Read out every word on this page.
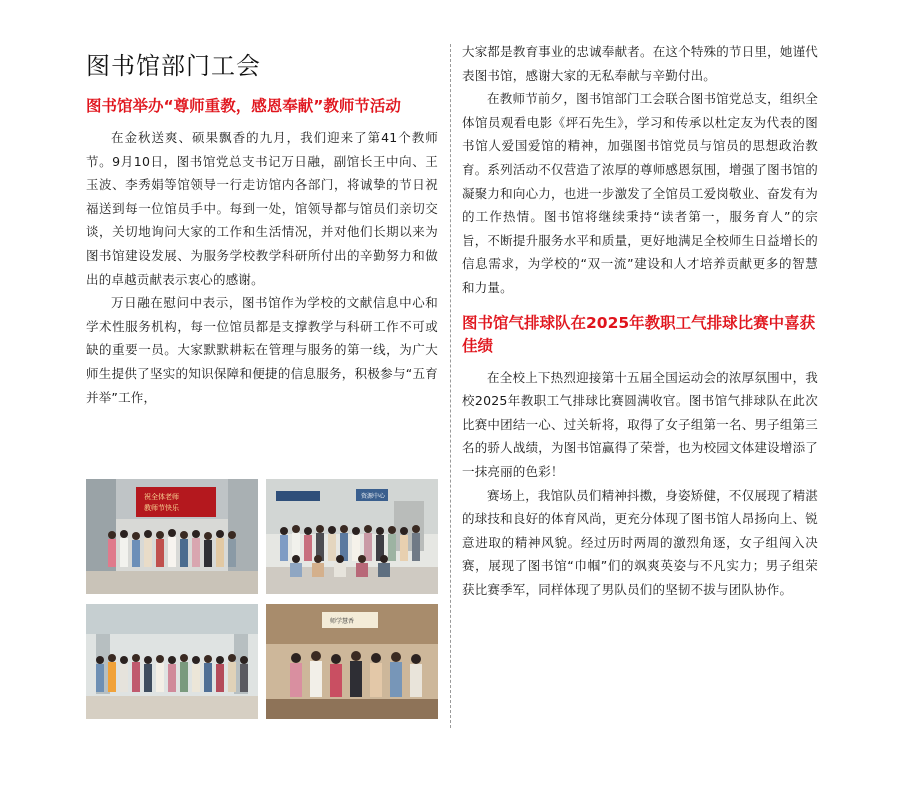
图书馆部门工会
图书馆举办“尊师重教，感恩奉献”教师节活动

在金秋送爽、硕果飘香的九月，我们迎来了第41个教师节。9月10日，图书馆党总支书记万日融，副馆长王中向、王玉波、李秀娟等馆领导一行走访馆内各部门，将诚挚的节日祝福送到每一位馆员手中。每到一处，馆领导都与馆员们亲切交谈，关切地询问大家的工作和生活情况，并对他们长期以来为图书馆建设发展、为服务学校教学科研所付出的辛勤努力和做出的卓越贡献表示衷心的感谢。

万日融在慰问中表示，图书馆作为学校的文献信息中心和学术性服务机构，每一位馆员都是支撑教学与科研工作不可或缺的重要一员。大家默默耕耘在管理与服务的第一线，为广大师生提供了坚实的知识保障和便捷的信息服务，积极参与“五育并举”工作，

祝全体老师
教师节快乐
资源中心
师学慧香

大家都是教育事业的忠诚奉献者。在这个特殊的节日里，她谨代表图书馆，感谢大家的无私奉献与辛勤付出。

在教师节前夕，图书馆部门工会联合图书馆党总支，组织全体馆员观看电影《坪石先生》，学习和传承以杜定友为代表的图书馆人爱国爱馆的精神，加强图书馆党员与馆员的思想政治教育。系列活动不仅营造了浓厚的尊师感恩氛围，增强了图书馆的凝聚力和向心力，也进一步激发了全馆员工爱岗敬业、奋发有为的工作热情。图书馆将继续秉持“读者第一，服务育人”的宗旨，不断提升服务水平和质量，更好地满足全校师生日益增长的信息需求，为学校的“双一流”建设和人才培养贡献更多的智慧和力量。

图书馆气排球队在2025年教职工气排球比赛中喜获佳绩

在全校上下热烈迎接第十五届全国运动会的浓厚氛围中，我校2025年教职工气排球比赛圆满收官。图书馆气排球队在此次比赛中团结一心、过关斩将，取得了女子组第一名、男子组第三名的骄人战绩，为图书馆赢得了荣誉，也为校园文体建设增添了一抹亮丽的色彩！

赛场上，我馆队员们精神抖擞，身姿矫健，不仅展现了精湛的球技和良好的体育风尚，更充分体现了图书馆人昂扬向上、锐意进取的精神风貌。经过历时两周的激烈角逐，女子组闯入决赛，展现了图书馆“巾帼”们的飒爽英姿与不凡实力；男子组荣获比赛季军，同样体现了男队员们的坚韧不拔与团队协作。
